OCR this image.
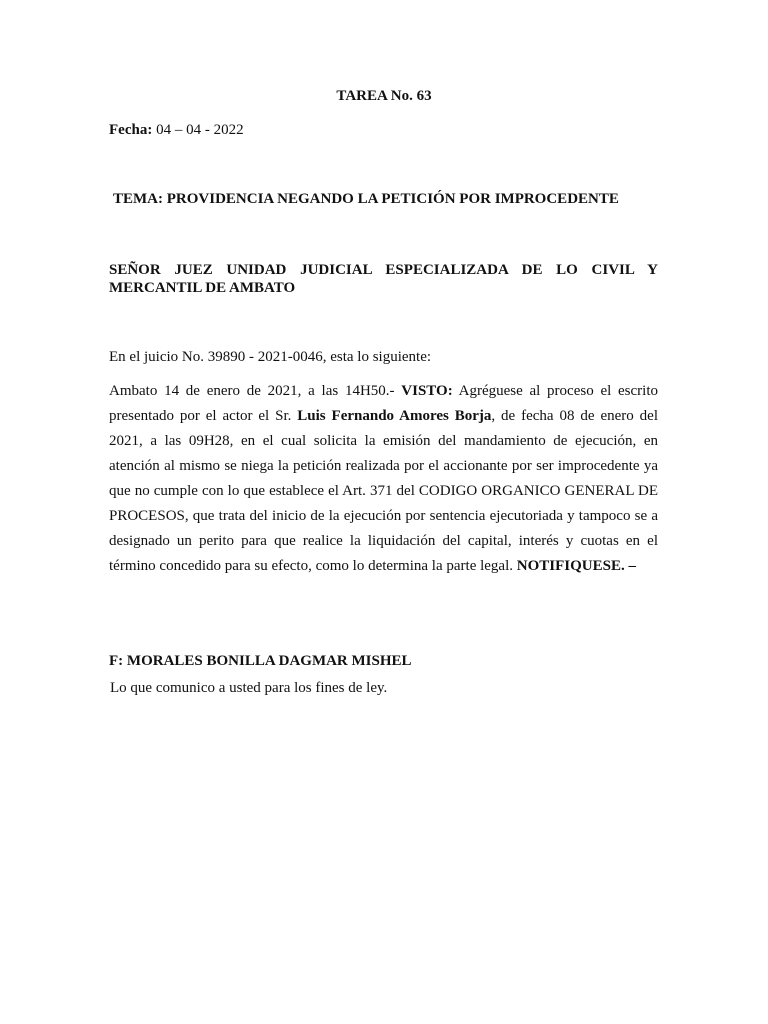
TAREA No. 63
Fecha: 04 – 04 - 2022
TEMA: PROVIDENCIA NEGANDO LA PETICIÓN POR IMPROCEDENTE
SEÑOR JUEZ UNIDAD JUDICIAL ESPECIALIZADA DE LO CIVIL Y MERCANTIL DE AMBATO
En el juicio No. 39890 - 2021-0046, esta lo siguiente:
Ambato 14 de enero de 2021, a las 14H50.- VISTO: Agréguese al proceso el escrito presentado por el actor el Sr. Luis Fernando Amores Borja, de fecha 08 de enero del 2021, a las 09H28, en el cual solicita la emisión del mandamiento de ejecución, en atención al mismo se niega la petición realizada por el accionante por ser improcedente ya que no cumple con lo que establece el Art. 371 del CODIGO ORGANICO GENERAL DE PROCESOS, que trata del inicio de la ejecución por sentencia ejecutoriada y tampoco se a designado un perito para que realice la liquidación del capital, interés y cuotas en el término concedido para su efecto, como lo determina la parte legal. NOTIFIQUESE. –
F: MORALES BONILLA DAGMAR MISHEL
Lo que comunico a usted para los fines de ley.
